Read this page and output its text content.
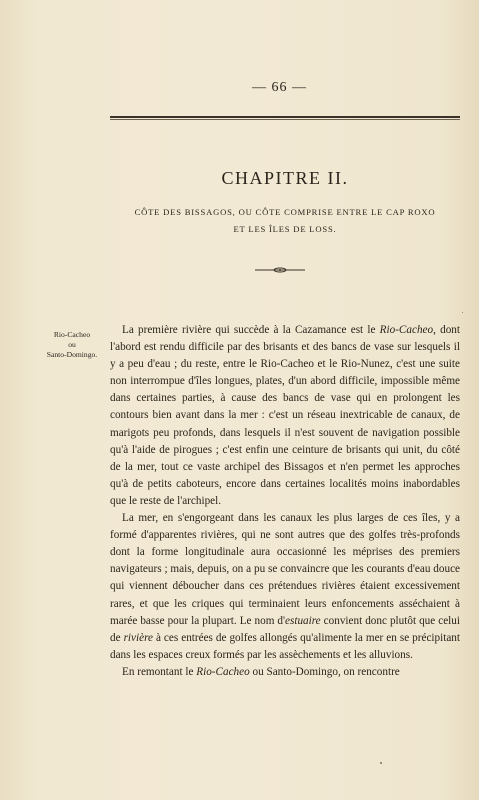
— 66 —
CHAPITRE II.
CÔTE DES BISSAGOS, OU CÔTE COMPRISE ENTRE LE CAP ROXO
ET LES ÎLES DE LOSS.
Rio-Cacheo
ou
Santo-Domingo.

La première rivière qui succède à la Cazamance est le Rio-Cacheo, dont l'abord est rendu difficile par des brisants et des bancs de vase sur lesquels il y a peu d'eau ; du reste, entre le Rio-Cacheo et le Rio-Nunez, c'est une suite non interrompue d'îles longues, plates, d'un abord difficile, impossible même dans certaines parties, à cause des bancs de vase qui en prolongent les contours bien avant dans la mer : c'est un réseau inextricable de canaux, de marigots peu profonds, dans lesquels il n'est souvent de navigation possible qu'à l'aide de pirogues ; c'est enfin une ceinture de brisants qui unit, du côté de la mer, tout ce vaste archipel des Bissagos et n'en permet les approches qu'à de petits caboteurs, encore dans certaines localités moins inabordables que le reste de l'archipel.

La mer, en s'engorgeant dans les canaux les plus larges de ces îles, y a formé d'apparentes rivières, qui ne sont autres que des golfes très-profonds dont la forme longitudinale aura occasionné les méprises des premiers navigateurs ; mais, depuis, on a pu se convaincre que les courants d'eau douce qui viennent déboucher dans ces prétendues rivières étaient excessivement rares, et que les criques qui terminaient leurs enfoncements asséchaient à marée basse pour la plupart. Le nom d'estuaire convient donc plutôt que celui de rivière à ces entrées de golfes allongés qu'alimente la mer en se précipitant dans les espaces creux formés par les assèchements et les alluvions.

En remontant le Rio-Cacheo ou Santo-Domingo, on rencontre
